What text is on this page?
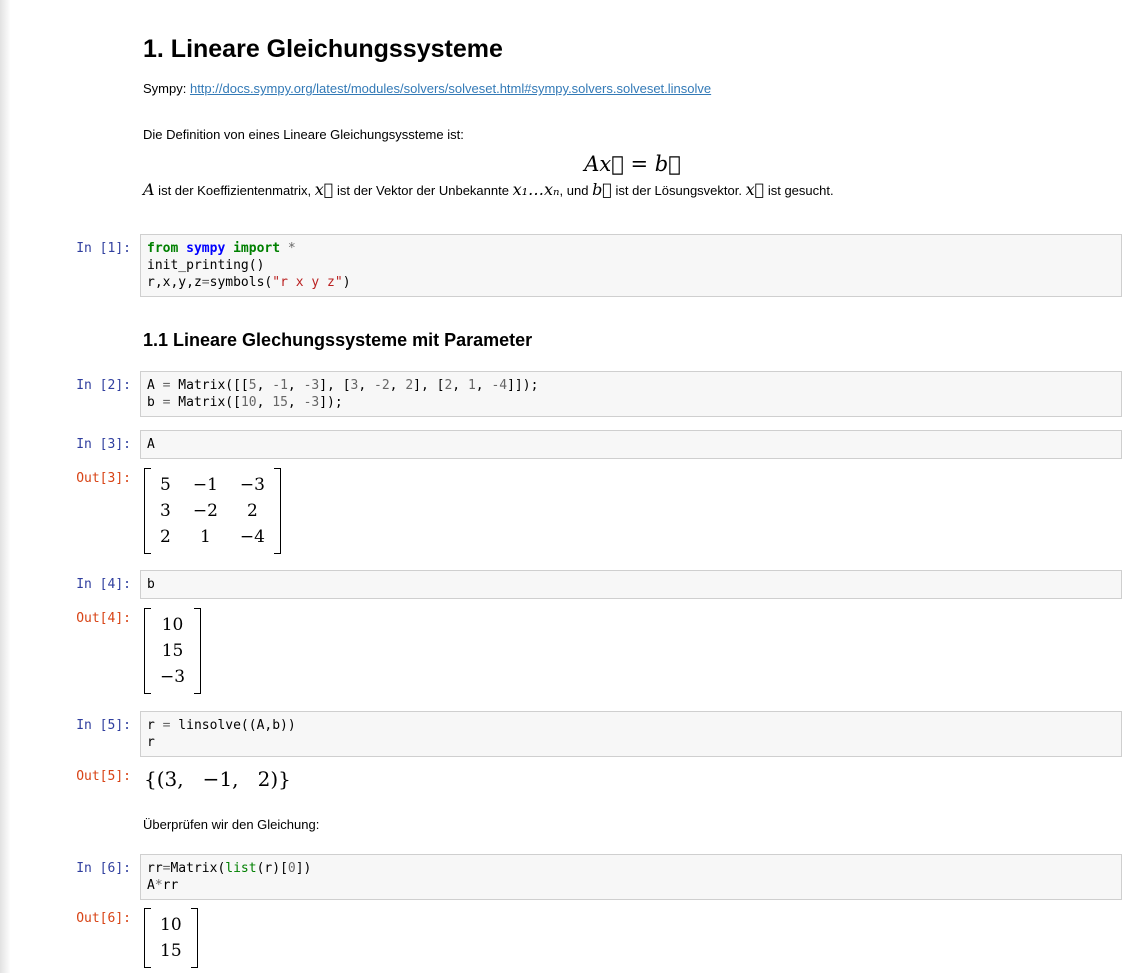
1. Lineare Gleichungssysteme
Sympy: http://docs.sympy.org/latest/modules/solvers/solveset.html#sympy.solvers.solveset.linsolve
Die Definition von eines Lineare Gleichungsyssteme ist:
Ax⃗ = b⃗
A ist der Koeffizientenmatrix, x⃗ ist der Vektor der Unbekannte x₁…xₙ, und b⃗ ist der Lösungsvektor. x⃗ ist gesucht.
In [1]:	from sympy import *
init_printing()
r,x,y,z=symbols("r x y z")
1.1 Lineare Glechungssysteme mit Parameter
In [2]:	A = Matrix([[5, -1, -3], [3, -2, 2], [2, 1, -4]]);
b = Matrix([10, 15, -3]);
In [3]:	A
Out[3]:	5 −1 −3
3 −2 2
2 1 −4
In [4]:	b
Out[4]:	10
15
−3
In [5]:	r = linsolve((A,b))
r
Out[5]: {(3,   −1,   2)}
Überprüfen wir den Gleichung:
In [6]:	rr=Matrix(list(r)[0])
A*rr
Out[6]:	10
15
